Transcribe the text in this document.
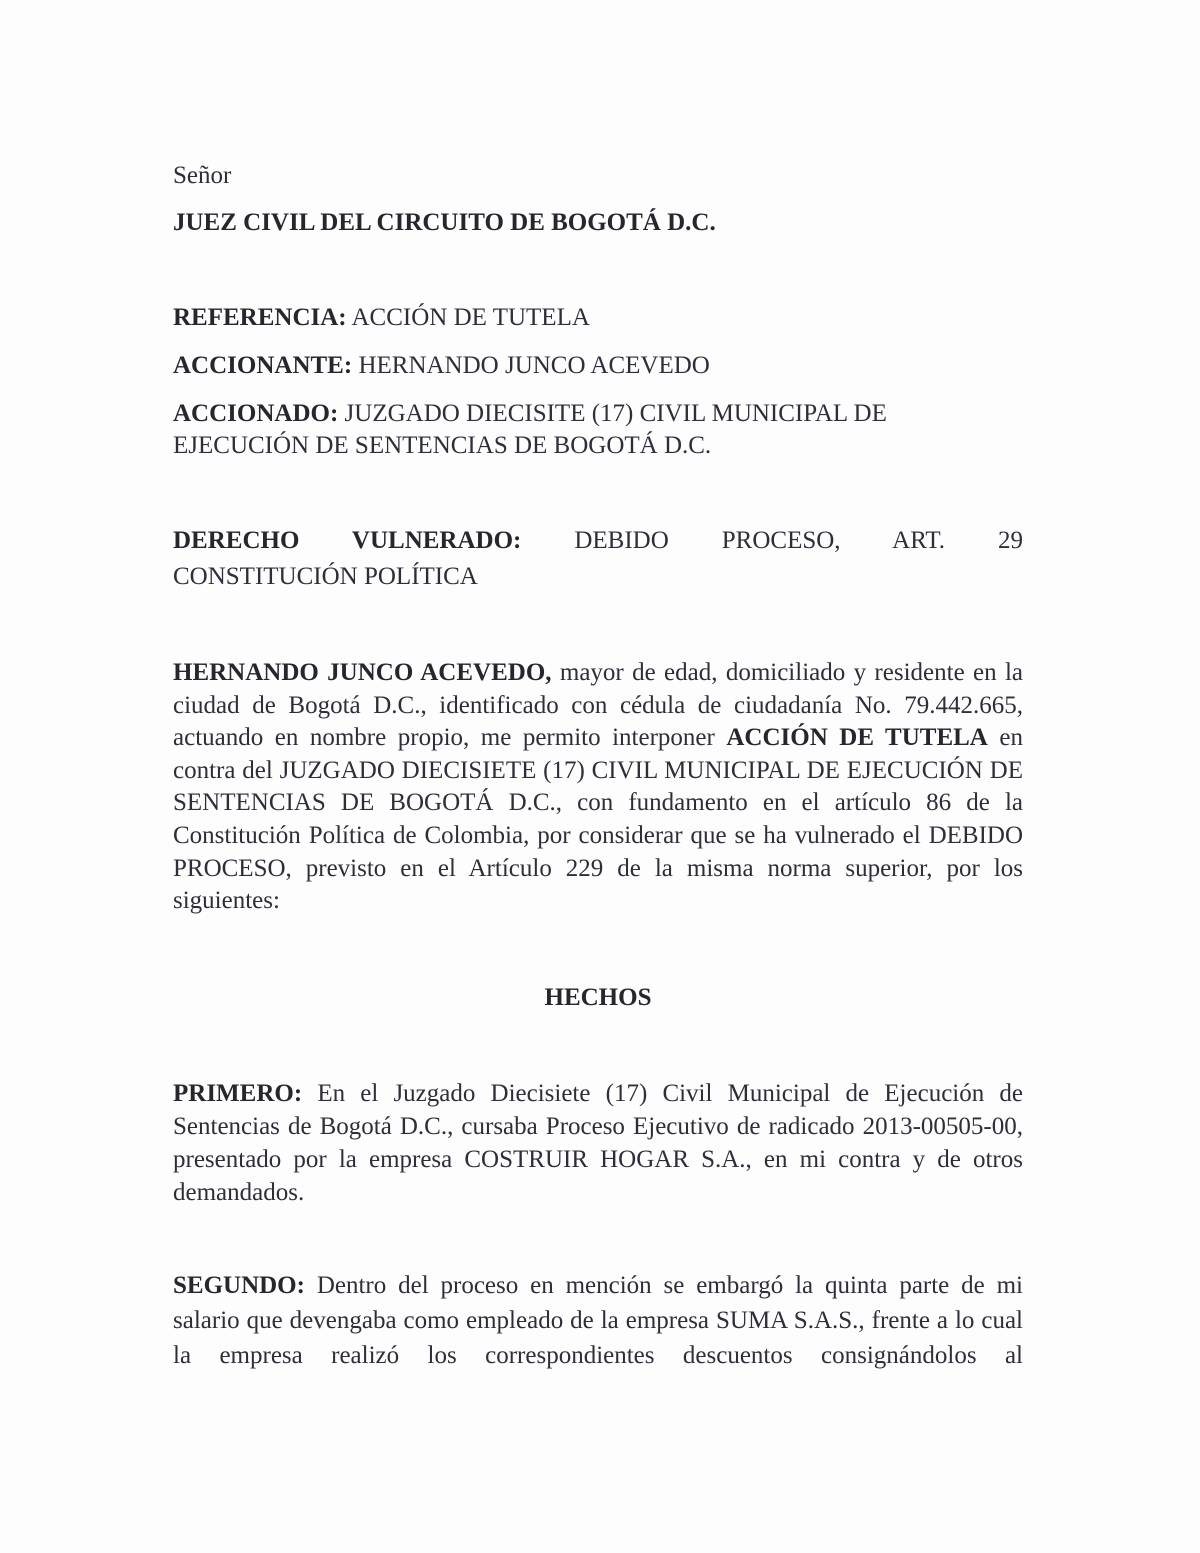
Señor

JUEZ CIVIL DEL CIRCUITO DE BOGOTÁ D.C.

REFERENCIA: ACCIÓN DE TUTELA

ACCIONANTE: HERNANDO JUNCO ACEVEDO

ACCIONADO: JUZGADO DIECISITE (17) CIVIL MUNICIPAL DE EJECUCIÓN DE SENTENCIAS DE BOGOTÁ D.C.

DERECHO VULNERADO: DEBIDO PROCESO, ART. 29

CONSTITUCIÓN POLÍTICA

HERNANDO JUNCO ACEVEDO, mayor de edad, domiciliado y residente en la ciudad de Bogotá D.C., identificado con cédula de ciudadanía No. 79.442.665, actuando en nombre propio, me permito interponer ACCIÓN DE TUTELA en contra del JUZGADO DIECISIETE (17) CIVIL MUNICIPAL DE EJECUCIÓN DE SENTENCIAS DE BOGOTÁ D.C., con fundamento en el artículo 86 de la Constitución Política de Colombia, por considerar que se ha vulnerado el DEBIDO PROCESO, previsto en el Artículo 229 de la misma norma superior, por los siguientes:

HECHOS

PRIMERO: En el Juzgado Diecisiete (17) Civil Municipal de Ejecución de Sentencias de Bogotá D.C., cursaba Proceso Ejecutivo de radicado 2013-00505-00, presentado por la empresa COSTRUIR HOGAR S.A., en mi contra y de otros demandados.

SEGUNDO: Dentro del proceso en mención se embargó la quinta parte de mi salario que devengaba como empleado de la empresa SUMA S.A.S., frente a lo cual la empresa realizó los correspondientes descuentos consignándolos al
